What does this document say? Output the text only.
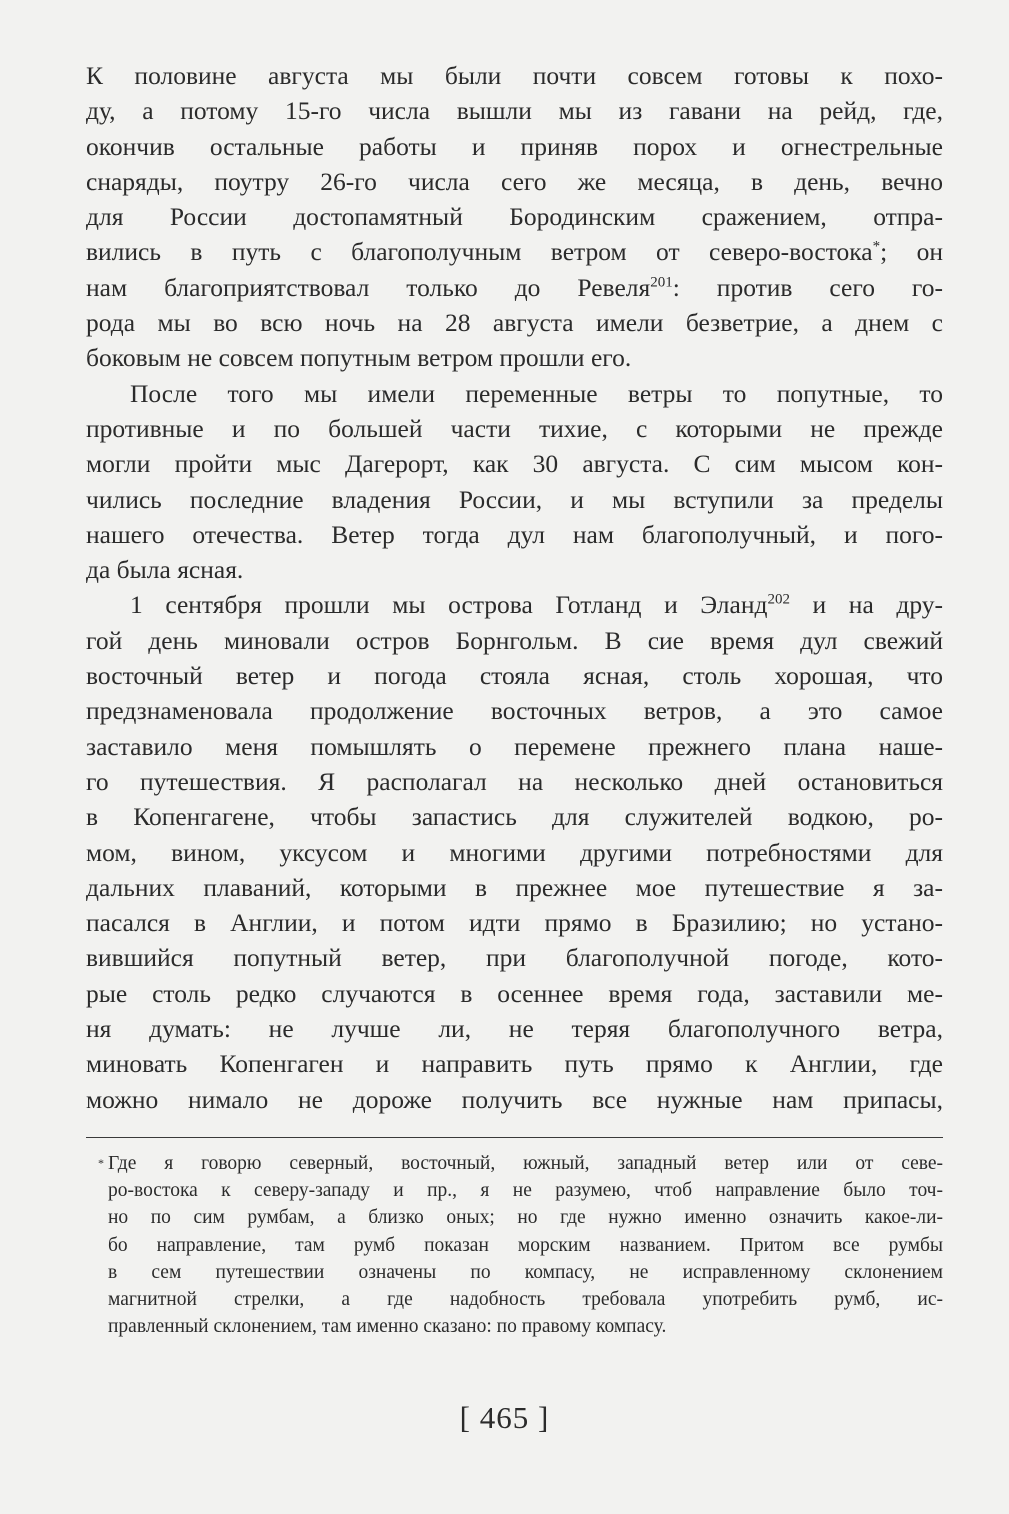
К половине августа мы были почти совсем готовы к похо-
ду, а потому 15-го числа вышли мы из гавани на рейд, где,
окончив остальные работы и приняв порох и огнестрельные
снаряды, поутру 26-го числа сего же месяца, в день, вечно
для России достопамятный Бородинским сражением, отпра-
вились в путь с благополучным ветром от северо-востока*; он
нам благоприятствовал только до Ревеля$^{201}$: против сего го-
рода мы во всю ночь на 28 августа имели безветрие, а днем с
боковым не совсем попутным ветром прошли его.
После того мы имели переменные ветры то попутные, то
противные и по большей части тихие, с которыми не прежде
могли пройти мыс Дагерорт, как 30 августа. С сим мысом кон-
чились последние владения России, и мы вступили за пределы
нашего отечества. Ветер тогда дул нам благополучный, и пого-
да была ясная.
1 сентября прошли мы острова Готланд и Эланд$^{202}$ и на дру-
гой день миновали остров Борнгольм. В сие время дул свежий
восточный ветер и погода стояла ясная, столь хорошая, что
предзнаменовала продолжение восточных ветров, а это самое
заставило меня помышлять о перемене прежнего плана наше-
го путешествия. Я располагал на несколько дней остановиться
в Копенгагене, чтобы запастись для служителей водкою, ро-
мом, вином, уксусом и многими другими потребностями для
дальних плаваний, которыми в прежнее мое путешествие я за-
пасался в Англии, и потом идти прямо в Бразилию; но устано-
вившийся попутный ветер, при благополучной погоде, кото-
рые столь редко случаются в осеннее время года, заставили ме-
ня думать: не лучше ли, не теряя благополучного ветра,
миновать Копенгаген и направить путь прямо к Англии, где
можно нимало не дороже получить все нужные нам припасы,
* Где я говорю северный, восточный, южный, западный ветер или от севе-
ро-востока к северу-западу и пр., я не разумею, чтоб направление было точ-
но по сим румбам, а близко оных; но где нужно именно означить какое-ли-
бо направление, там румб показан морским названием. Притом все румбы
в сем путешествии означены по компасу, не исправленному склонением
магнитной стрелки, а где надобность требовала употребить румб, ис-
правленный склонением, там именно сказано: по правому компасу.
[ 465 ]
